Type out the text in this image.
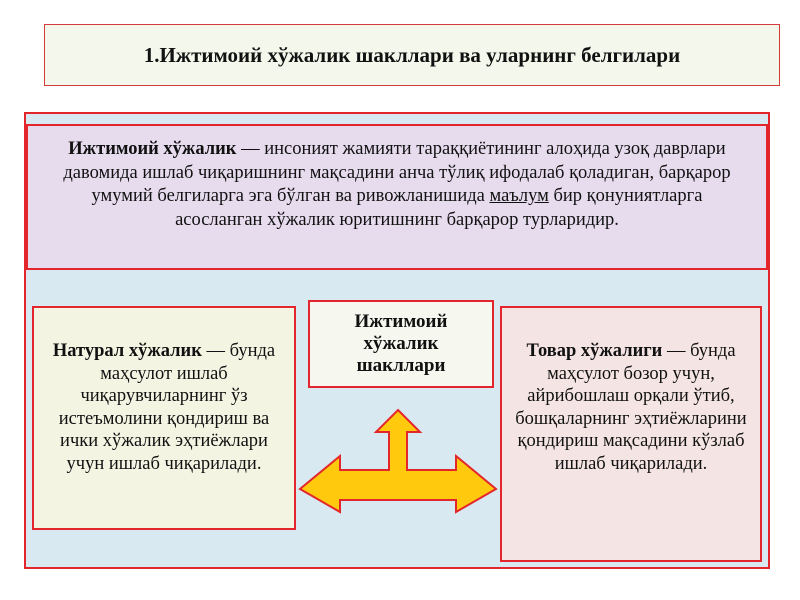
1.Ижтимоий хўжалик шакллари ва уларнинг белгилари
Ижтимоий хўжалик — инсоният жамияти тараққиётининг алоҳида узоқ даврлари давомида ишлаб чиқаришнинг мақсадини анча тўлиқ ифодалаб қоладиган, барқарор умумий белгиларга эга бўлган ва ривожланишида маълум бир қонуниятларга асосланган хўжалик юритишнинг барқарор турларидир.
Ижтимоий
хўжалик
шакллари
Натурал хўжалик — бунда маҳсулот ишлаб чиқарувчиларнинг ўз истеъмолини қондириш ва ички хўжалик эҳтиёжлари учун ишлаб чиқарилади.
Товар хўжалиги — бунда маҳсулот бозор учун, айрибошлаш орқали ўтиб, бошқаларнинг эҳтиёжларини қондириш мақсадини кўзлаб ишлаб чиқарилади.
